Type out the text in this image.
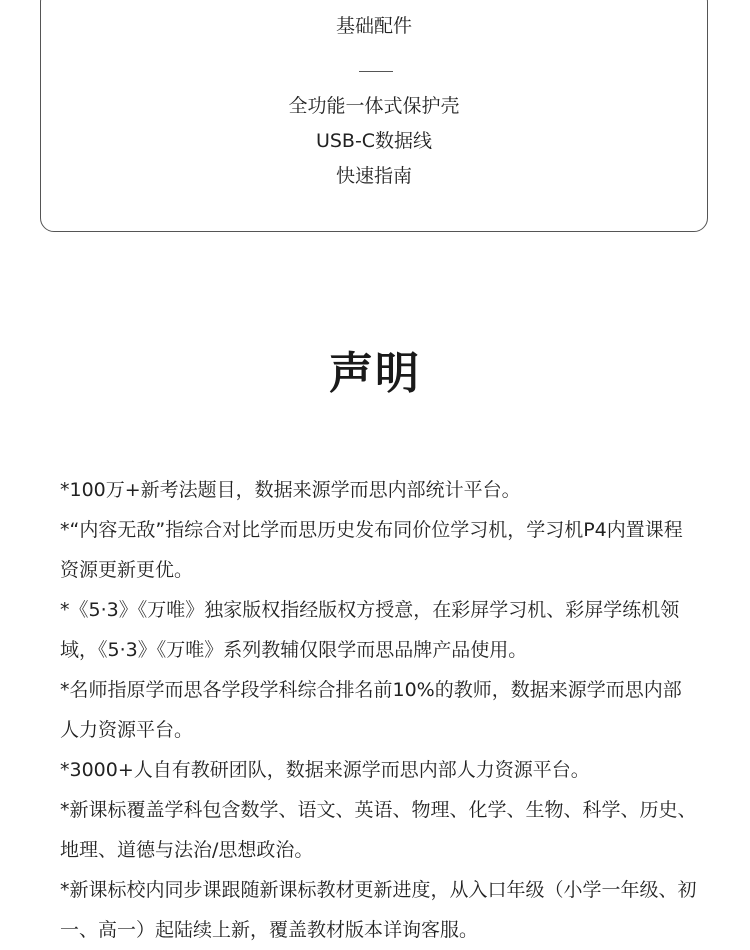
基础配件
全功能一体式保护壳
USB-C数据线
快速指南
声明

*100万+新考法题目，数据来源学而思内部统计平台。

*“内容无敌”指综合对比学而思历史发布同价位学习机，学习机P4内置课程资源更新更优。

*《5·3》《万唯》独家版权指经版权方授意，在彩屏学习机、彩屏学练机领域，《5·3》《万唯》系列教辅仅限学而思品牌产品使用。

*名师指原学而思各学段学科综合排名前10%的教师，数据来源学而思内部人力资源平台。

*3000+人自有教研团队，数据来源学而思内部人力资源平台。

*新课标覆盖学科包含数学、语文、英语、物理、化学、生物、科学、历史、地理、道德与法治/思想政治。

*新课标校内同步课跟随新课标教材更新进度，从入口年级（小学一年级、初一、高一）起陆续上新，覆盖教材版本详询客服。
